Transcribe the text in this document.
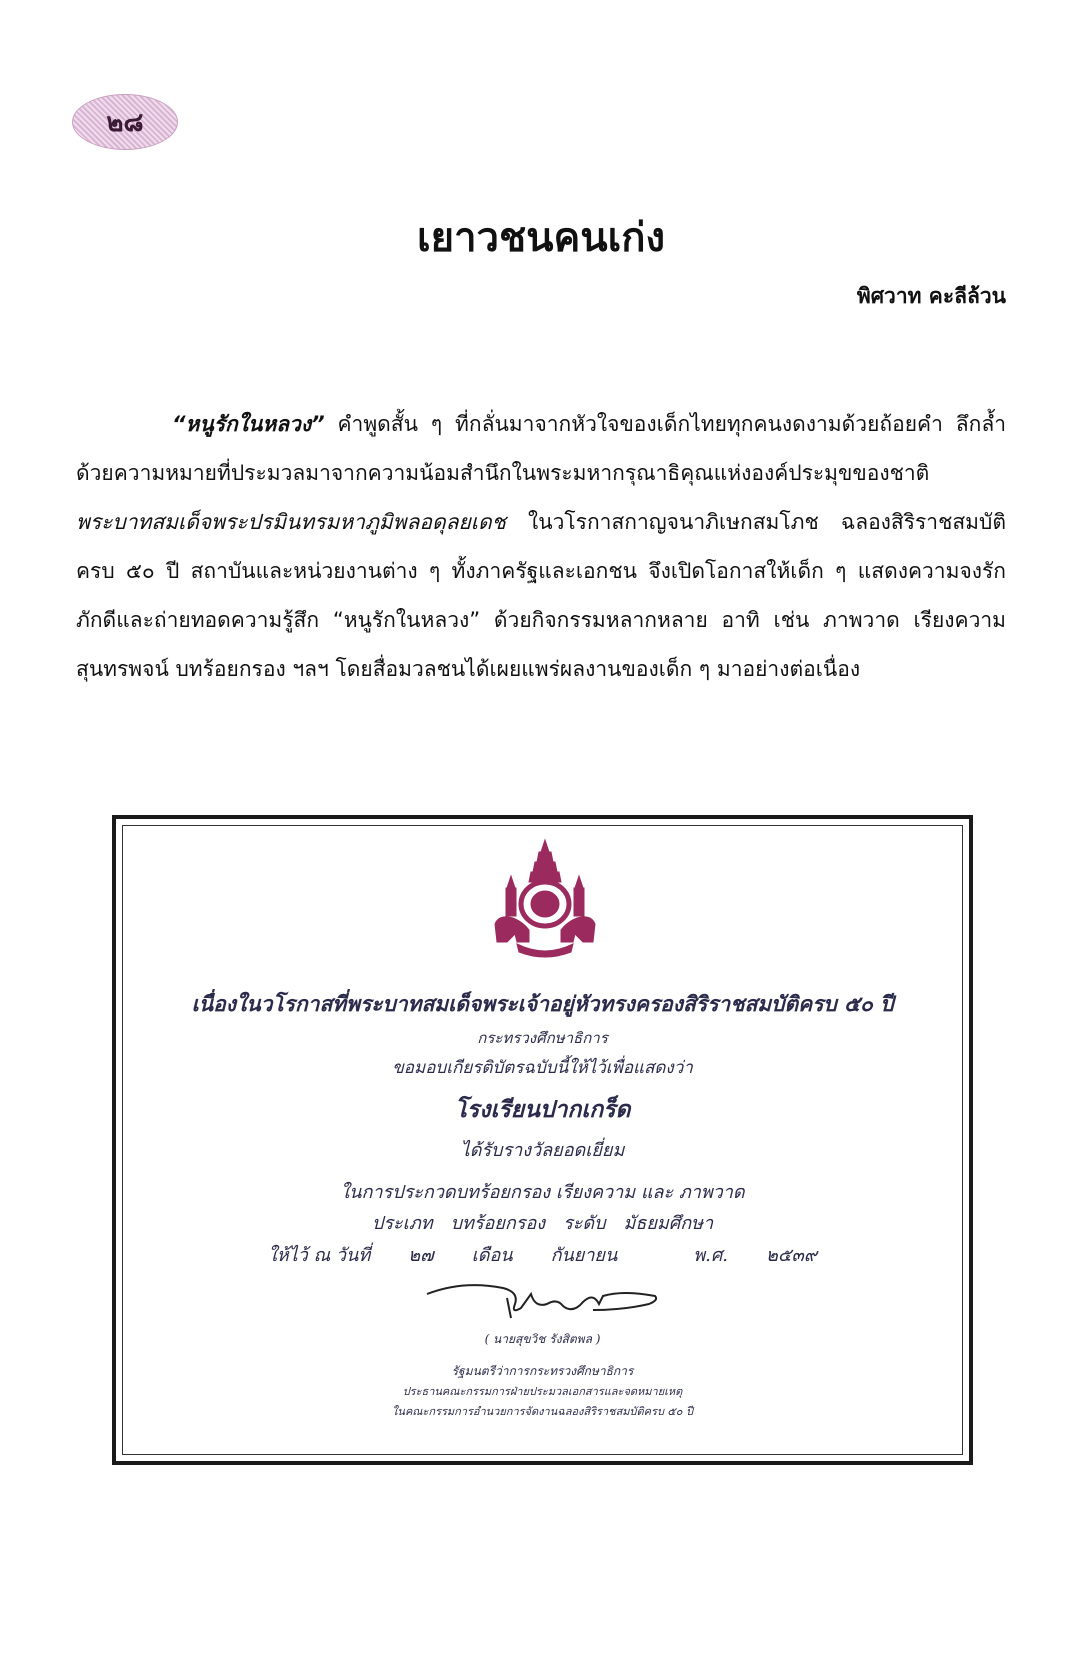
๒๘
เยาวชนคนเก่ง
พิศวาท คะลีล้วน
“หนูรักในหลวง” คำพูดสั้น ๆ ที่กลั่นมาจากหัวใจของเด็กไทยทุกคนงดงามด้วยถ้อยคำ ลึกล้ำด้วยความหมายที่ประมวลมาจากความน้อมสำนึกในพระมหากรุณาธิคุณแห่งองค์ประมุขของชาติ พระบาทสมเด็จพระปรมินทรมหาภูมิพลอดุลยเดช ในวโรกาสกาญจนาภิเษกสมโภช ฉลองสิริราชสมบัติครบ ๕๐ ปี สถาบันและหน่วยงานต่าง ๆ ทั้งภาครัฐและเอกชน จึงเปิดโอกาสให้เด็ก ๆ แสดงความจงรักภักดีและถ่ายทอดความรู้สึก “หนูรักในหลวง” ด้วยกิจกรรมหลากหลาย อาทิ เช่น ภาพวาด เรียงความ สุนทรพจน์ บทร้อยกรอง ฯลฯ โดยสื่อมวลชนได้เผยแพร่ผลงานของเด็ก ๆ มาอย่างต่อเนื่อง
๕๐
เนื่องในวโรกาสที่พระบาทสมเด็จพระเจ้าอยู่หัวทรงครองสิริราชสมบัติครบ ๕๐ ปี
กระทรวงศึกษาธิการ
ขอมอบเกียรติบัตรฉบับนี้ให้ไว้เพื่อแสดงว่า
โรงเรียนปากเกร็ด
ได้รับรางวัลยอดเยี่ยม
ในการประกวดบทร้อยกรอง เรียงความ และ ภาพวาด
ประเภท บทร้อยกรอง ระดับ มัธยมศึกษา
ให้ไว้ ณ วันที่ ๒๗ เดือน กันยายน	พ.ศ. ๒๕๓๙
( นายสุขวิช รังสิตพล )
รัฐมนตรีว่าการกระทรวงศึกษาธิการ
ประธานคณะกรรมการฝ่ายประมวลเอกสารและจดหมายเหตุ
ในคณะกรรมการอำนวยการจัดงานฉลองสิริราชสมบัติครบ ๕๐ ปี
